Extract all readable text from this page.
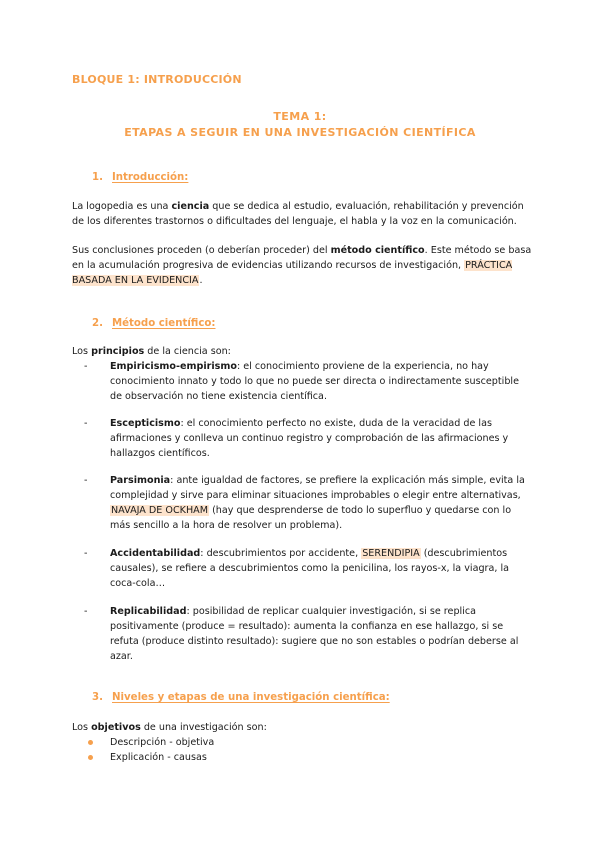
BLOQUE 1: INTRODUCCIÓN
TEMA 1:
ETAPAS A SEGUIR EN UNA INVESTIGACIÓN CIENTÍFICA
1. Introducción:
La logopedia es una ciencia que se dedica al estudio, evaluación, rehabilitación y prevención de los diferentes trastornos o dificultades del lenguaje, el habla y la voz en la comunicación.
Sus conclusiones proceden (o deberían proceder) del método científico. Este método se basa en la acumulación progresiva de evidencias utilizando recursos de investigación, PRÁCTICA BASADA EN LA EVIDENCIA.
2. Método científico:
Los principios de la ciencia son:
- Empiricismo-empirismo: el conocimiento proviene de la experiencia, no hay conocimiento innato y todo lo que no puede ser directa o indirectamente susceptible de observación no tiene existencia científica.
- Escepticismo: el conocimiento perfecto no existe, duda de la veracidad de las afirmaciones y conlleva un continuo registro y comprobación de las afirmaciones y hallazgos científicos.
- Parsimonia: ante igualdad de factores, se prefiere la explicación más simple, evita la complejidad y sirve para eliminar situaciones improbables o elegir entre alternativas, NAVAJA DE OCKHAM (hay que desprenderse de todo lo superfluo y quedarse con lo más sencillo a la hora de resolver un problema).
- Accidentabilidad: descubrimientos por accidente, SERENDIPIA (descubrimientos causales), se refiere a descubrimientos como la penicilina, los rayos-x, la viagra, la coca-cola…
- Replicabilidad: posibilidad de replicar cualquier investigación, si se replica positivamente (produce = resultado): aumenta la confianza en ese hallazgo, si se refuta (produce distinto resultado): sugiere que no son estables o podrían deberse al azar.
3. Niveles y etapas de una investigación científica:
Los objetivos de una investigación son:
Descripción - objetiva
Explicación - causas
